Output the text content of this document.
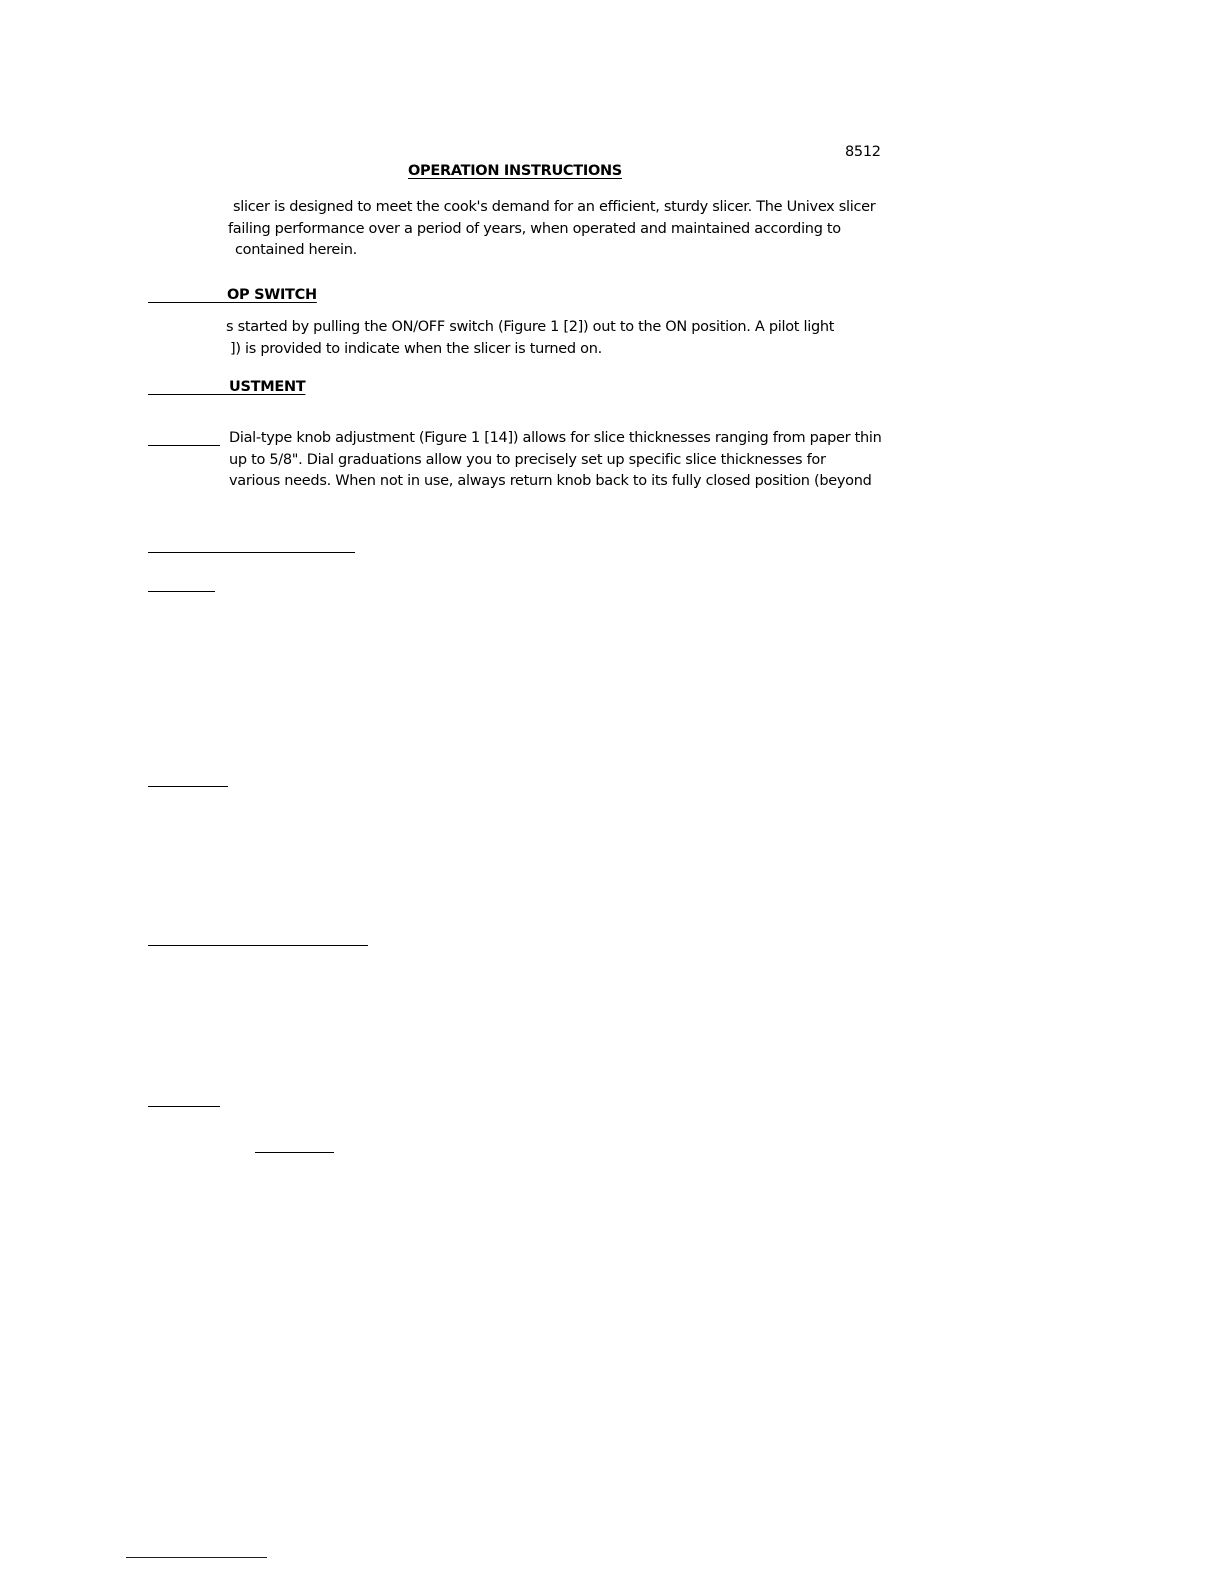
8512
OPERATION INSTRUCTIONS
slicer is designed to meet the cook's demand for an efficient, sturdy slicer. The Univex slicer
failing performance over a period of years, when operated and maintained according to
contained herein.
OP SWITCH
s started by pulling the ON/OFF switch (Figure 1 [2]) out to the ON position. A pilot light
]) is provided to indicate when the slicer is turned on.
USTMENT
Dial-type knob adjustment (Figure 1 [14]) allows for slice thicknesses ranging from paper thin
up to 5/8". Dial graduations allow you to precisely set up specific slice thicknesses for
various needs. When not in use, always return knob back to its fully closed position (beyond
